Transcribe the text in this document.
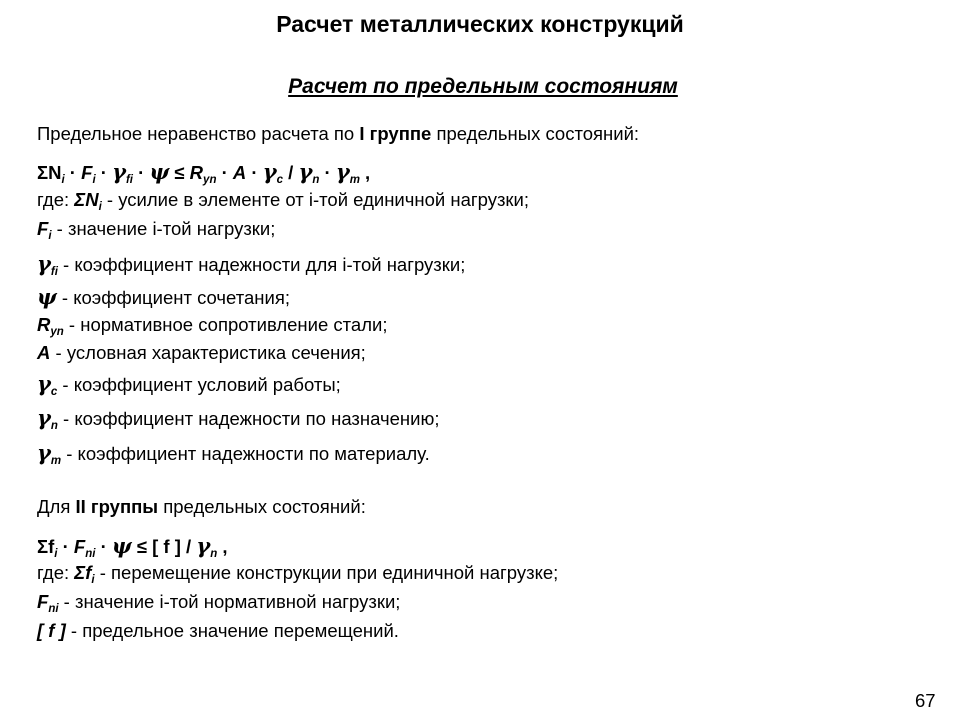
Расчет металлических конструкций
Расчет по предельным состояниям
Предельное неравенство расчета по I группе предельных состояний:
$\Sigma N_i \cdot F_i \cdot \gamma_{fi} \cdot \psi \le R_{yn} \cdot A \cdot \gamma_c / \gamma_n \cdot \gamma_m$ ,
где: $\Sigma N_i$ - усилие в элементе от i-той единичной нагрузки;
$F_i$ - значение i-той нагрузки;
$\gamma_{fi}$ - коэффициент надежности для i-той нагрузки;
ψ - коэффициент сочетания;
$R_{yn}$ - нормативное сопротивление стали;
A - условная характеристика сечения;
$\gamma_c$ - коэффициент условий работы;
$\gamma_n$ - коэффициент надежности по назначению;
$\gamma_m$ - коэффициент надежности по материалу.
Для II группы предельных состояний:
$\Sigma f_i \cdot F_{ni} \cdot \psi$ ≤ [ f ] / $\gamma_n$ ,
где: $\Sigma f_i$ - перемещение конструкции при единичной нагрузке;
$F_{ni}$ - значение i-той нормативной нагрузки;
[ f ] - предельное значение перемещений.
67
